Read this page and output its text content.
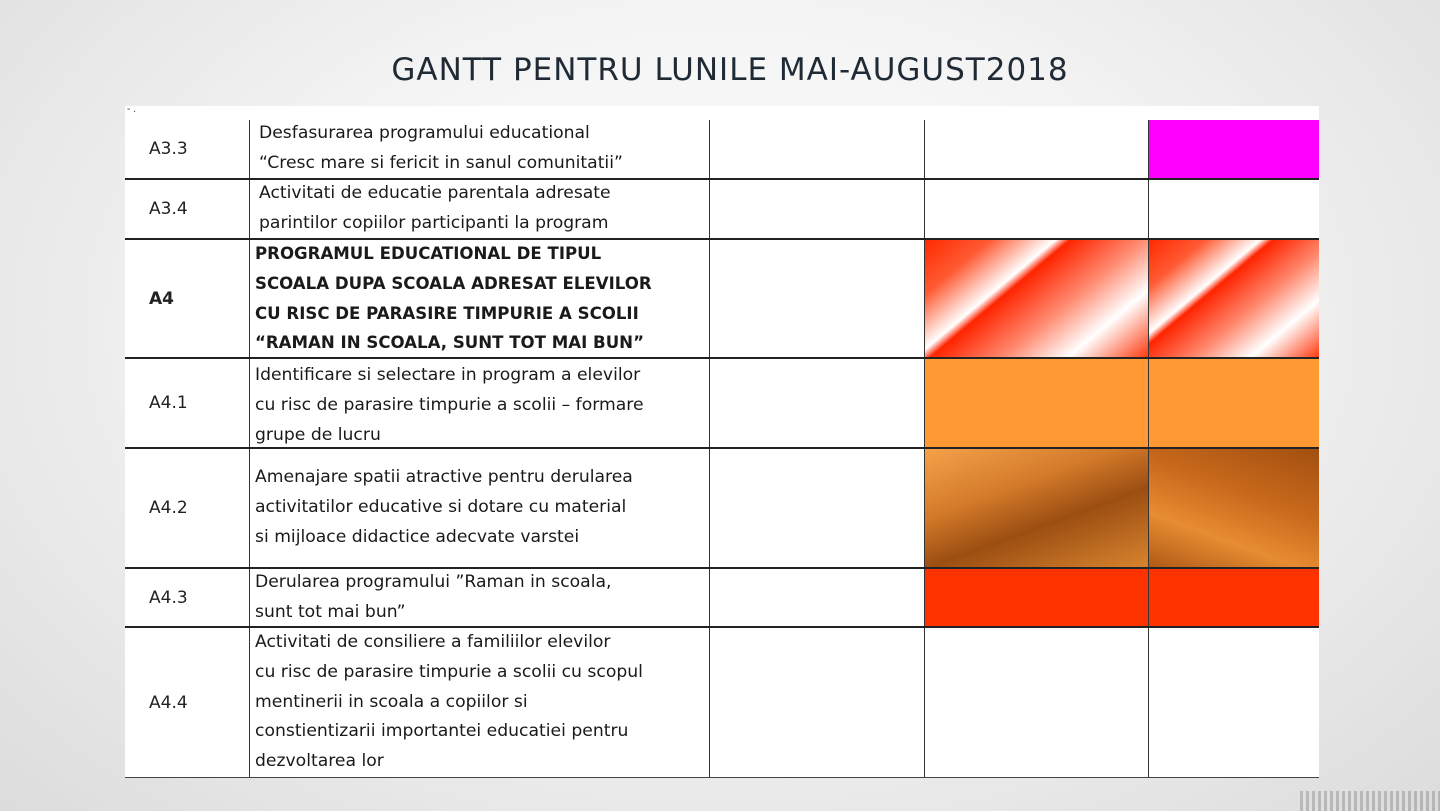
GANTT PENTRU LUNILE MAI-AUGUST2018
- .
A3.3
Desfasurarea programului educational
“Cresc mare si fericit in sanul comunitatii”
A3.4
Activitati de educatie parentala adresate
parintilor copiilor participanti la program
A4
PROGRAMUL EDUCATIONAL DE TIPUL
SCOALA DUPA SCOALA ADRESAT ELEVILOR
CU RISC DE PARASIRE TIMPURIE A SCOLII
“RAMAN IN SCOALA, SUNT TOT MAI BUN”
A4.1
Identificare si selectare in program a elevilor
cu risc de parasire timpurie a scolii – formare
grupe de lucru
A4.2
Amenajare spatii atractive pentru derularea
activitatilor educative si dotare cu material
si mijloace didactice adecvate varstei
A4.3
Derularea programului ”Raman in scoala,
sunt tot mai bun”
A4.4
Activitati de consiliere a familiilor elevilor
cu risc de parasire timpurie a scolii cu scopul
mentinerii in scoala a copiilor si
constientizarii importantei educatiei pentru
dezvoltarea lor
